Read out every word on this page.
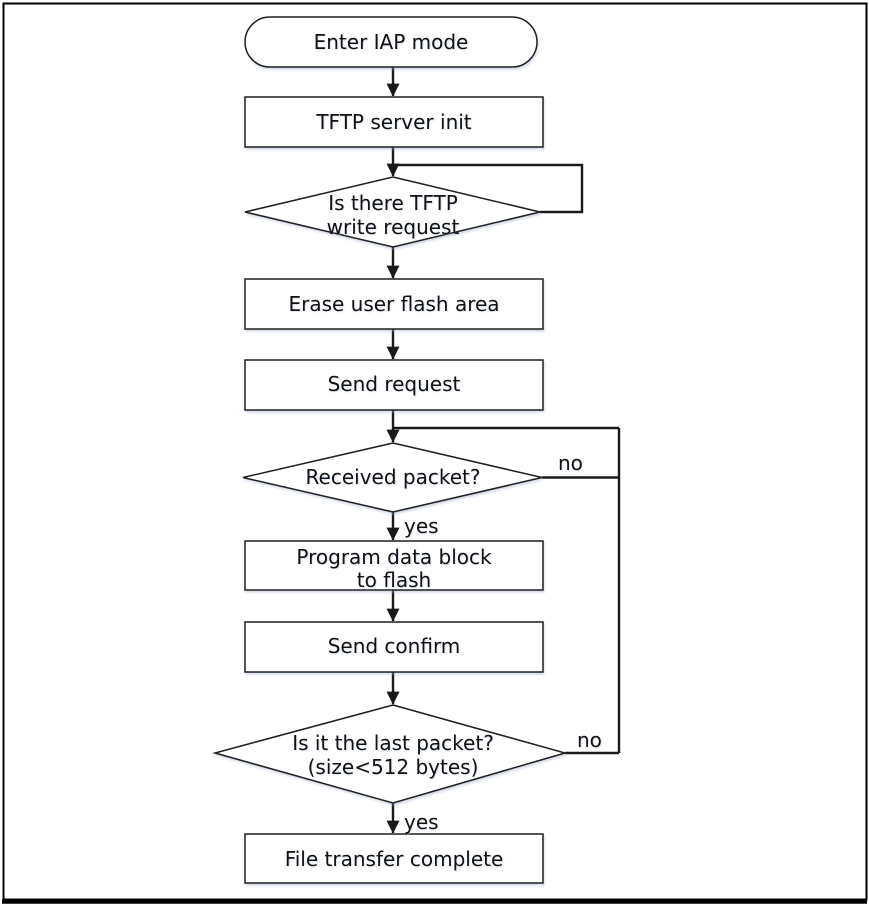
Enter IAP mode
TFTP server init
Is there TFTP
write request
Erase user flash area
Send request
Received packet?
Program data block
to flash
Send confirm
Is it the last packet?
(size<512 bytes)
File transfer complete
no
yes
no
yes
